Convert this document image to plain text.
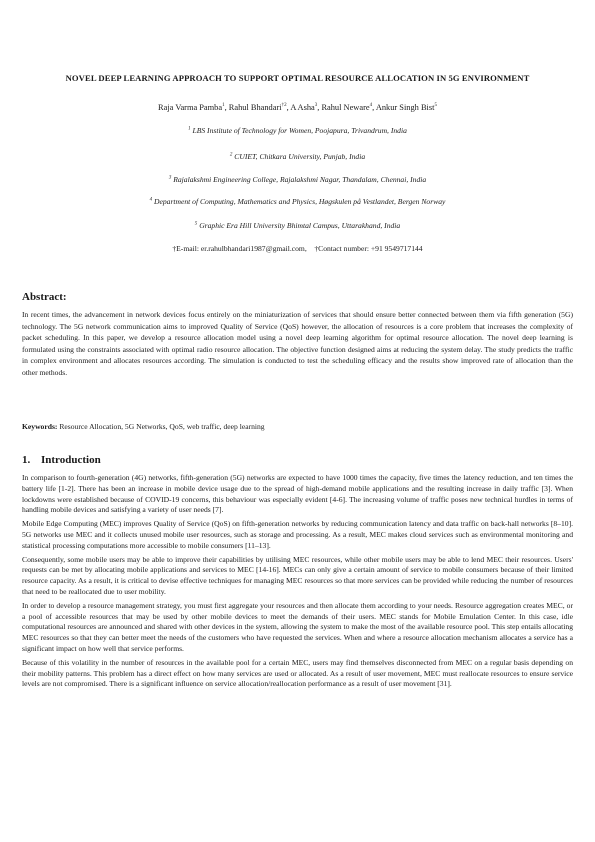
NOVEL DEEP LEARNING APPROACH TO SUPPORT OPTIMAL RESOURCE ALLOCATION IN 5G ENVIRONMENT
Raja Varma Pamba$^1$, Rahul Bhandari$^{\dagger 2}$, A Asha$^3$, Rahul Neware$^4$, Ankur Singh Bist$^5$
$^1$ LBS Institute of Technology for Women, Poojapura, Trivandrum, India
$^2$ CUIET, Chitkara University, Punjab, India
$^3$ Rajalakshmi Engineering College, Rajalakshmi Nagar, Thandalam, Chennai, India
$^4$ Department of Computing, Mathematics and Physics, Høgskulen på Vestlandet, Bergen Norway
$^5$ Graphic Era Hill University Bhimtal Campus, Uttarakhand, India
†E-mail: er.rahulbhandari1987@gmail.com, †Contact number: +91 9549717144
Abstract:

In recent times, the advancement in network devices focus entirely on the miniaturization of services that should ensure better connected between them via fifth generation (5G) technology. The 5G network communication aims to improved Quality of Service (QoS) however, the allocation of resources is a core problem that increases the complexity of packet scheduling. In this paper, we develop a resource allocation model using a novel deep learning algorithm for optimal resource allocation. The novel deep learning is formulated using the constraints associated with optimal radio resource allocation. The objective function designed aims at reducing the system delay. The study predicts the traffic in complex environment and allocates resources according. The simulation is conducted to test the scheduling efficacy and the results show improved rate of allocation than the other methods.

Keywords: Resource Allocation, 5G Networks, QoS, web traffic, deep learning
1. Introduction

In comparison to fourth-generation (4G) networks, fifth-generation (5G) networks are expected to have 1000 times the capacity, five times the latency reduction, and ten times the battery life [1-2]. There has been an increase in mobile device usage due to the spread of high-demand mobile applications and the resulting increase in daily traffic [3]. When lockdowns were established because of COVID-19 concerns, this behaviour was especially evident [4-6]. The increasing volume of traffic poses new technical hurdles in terms of handling mobile devices and satisfying a variety of user needs [7].

Mobile Edge Computing (MEC) improves Quality of Service (QoS) on fifth-generation networks by reducing communication latency and data traffic on back-hall networks [8–10]. 5G networks use MEC and it collects unused mobile user resources, such as storage and processing. As a result, MEC makes cloud services such as environmental monitoring and statistical processing computations more accessible to mobile consumers [11–13].

Consequently, some mobile users may be able to improve their capabilities by utilising MEC resources, while other mobile users may be able to lend MEC their resources. Users' requests can be met by allocating mobile applications and services to MEC [14-16]. MECs can only give a certain amount of service to mobile consumers because of their limited resource capacity. As a result, it is critical to devise effective techniques for managing MEC resources so that more services can be provided while reducing the number of resources that need to be reallocated due to user mobility.

In order to develop a resource management strategy, you must first aggregate your resources and then allocate them according to your needs. Resource aggregation creates MEC, or a pool of accessible resources that may be used by other mobile devices to meet the demands of their users. MEC stands for Mobile Emulation Center. In this case, idle computational resources are announced and shared with other devices in the system, allowing the system to make the most of the available resource pool. This step entails allocating MEC resources so that they can better meet the needs of the customers who have requested the services. When and where a resource allocation mechanism allocates a service has a significant impact on how well that service performs.

Because of this volatility in the number of resources in the available pool for a certain MEC, users may find themselves disconnected from MEC on a regular basis depending on their mobility patterns. This problem has a direct effect on how many services are used or allocated. As a result of user movement, MEC must reallocate resources to ensure service levels are not compromised. There is a significant influence on service allocation/reallocation performance as a result of user movement [31].
